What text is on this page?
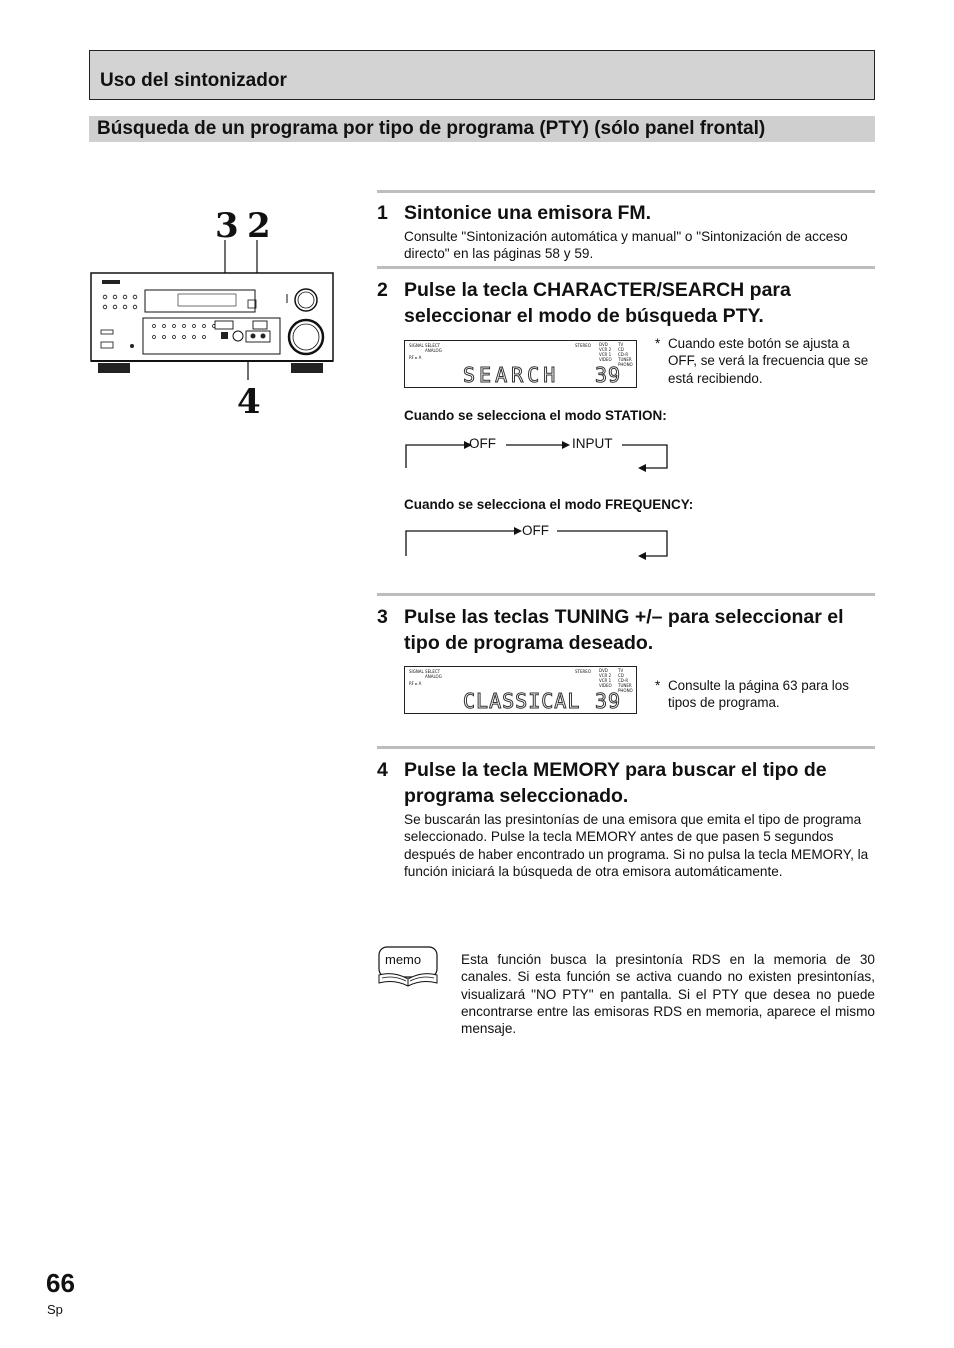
Uso del sintonizador
Búsqueda de un programa por tipo de programa (PTY) (sólo panel frontal)
3 2
4
1 Sintonice una emisora FM.
Consulte "Sintonización automática y manual" o "Sintonización de acceso directo" en las páginas 58 y 59.
2 Pulse la tecla CHARACTER/SEARCH para seleccionar el modo de búsqueda PTY.
SIGNAL SELECT
ANALOG
RF ▸ A
STEREO DVD
VCR 2
VCR 1
VIDEO
TV
CD
CD-R
TUNER
PHONO
SEARCH 39
* Cuando este botón se ajusta a OFF, se verá la frecuencia que se está recibiendo.
Cuando se selecciona el modo STATION:
OFF	INPUT
Cuando se selecciona el modo FREQUENCY:
OFF
3 Pulse las teclas TUNING +/– para seleccionar el tipo de programa deseado.
SIGNAL SELECT
ANALOG
RF ▸ A
STEREO DVD
VCR 2
VCR 1
VIDEO
TV
CD
CD-R
TUNER
PHONO
CLASSICAL 39
* Consulte la página 63 para los tipos de programa.
4 Pulse la tecla MEMORY para buscar el tipo de programa seleccionado.
Se buscarán las presintonías de una emisora que emita el tipo de programa seleccionado. Pulse la tecla MEMORY antes de que pasen 5 segundos después de haber encontrado un programa. Si no pulsa la tecla MEMORY, la función iniciará la búsqueda de otra emisora automáticamente.
memo	Esta función busca la presintonía RDS en la memoria de 30 canales. Si esta función se activa cuando no existen presintonías, visualizará "NO PTY" en pantalla. Si el PTY que desea no puede encontrarse entre las emisoras RDS en memoria, aparece el mismo mensaje.
66
Sp
